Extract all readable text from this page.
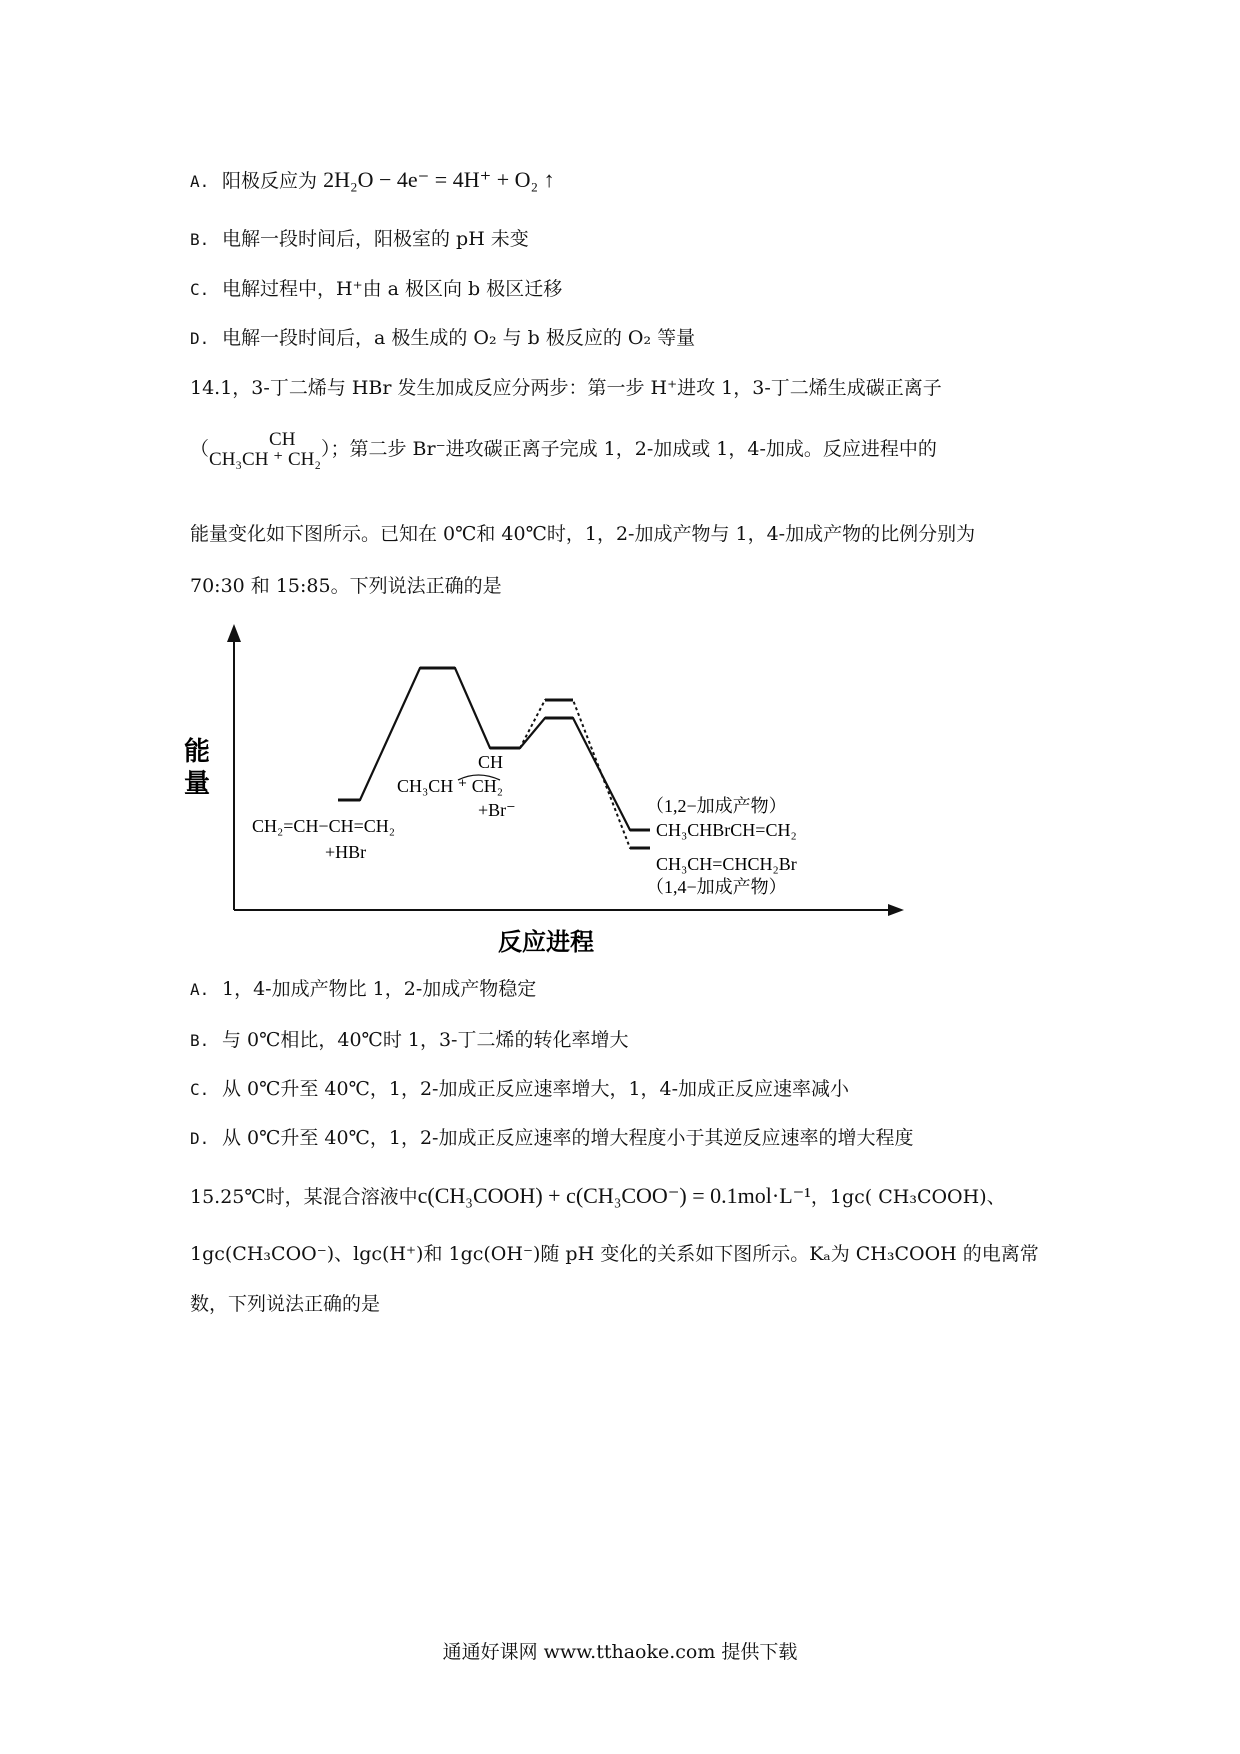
A. 阳极反应为 2H₂O − 4e⁻ = 4H⁺ + O₂ ↑
B. 电解一段时间后，阳极室的 pH 未变
C. 电解过程中，H⁺由 a 极区向 b 极区迁移
D. 电解一段时间后，a 极生成的 O₂ 与 b 极反应的 O₂ 等量
14.1，3-丁二烯与 HBr 发生加成反应分两步：第一步 H⁺进攻 1，3-丁二烯生成碳正离子
（	CH
CH₃CH ⁺ CH₂ ）；第二步 Br⁻进攻碳正离子完成 1，2-加成或 1，4-加成。反应进程中的
能量变化如下图所示。已知在 0℃和 40℃时，1，2-加成产物与 1，4-加成产物的比例分别为
70:30 和 15:85。下列说法正确的是
能
量
反应进程
CH₂=CH−CH=CH₂
+HBr
CH
CH₃CH ⁺ CH₂
+Br⁻	（1,2−加成产物）
CH₃CHBrCH=CH₂
CH₃CH=CHCH₂Br
（1,4−加成产物）
A. 1，4-加成产物比 1，2-加成产物稳定
B. 与 0℃相比，40℃时 1，3-丁二烯的转化率增大
C. 从 0℃升至 40℃，1，2-加成正反应速率增大，1，4-加成正反应速率减小
D. 从 0℃升至 40℃，1，2-加成正反应速率的增大程度小于其逆反应速率的增大程度
15.25℃时，某混合溶液中c(CH₃COOH) + c(CH₃COO⁻) = 0.1mol·L⁻¹，1gc( CH₃COOH)、
1gc(CH₃COO⁻)、lgc(H⁺)和 1gc(OH⁻)随 pH 变化的关系如下图所示。Kₐ为 CH₃COOH 的电离常
数，下列说法正确的是
通通好课网 www.tthaoke.com 提供下载
